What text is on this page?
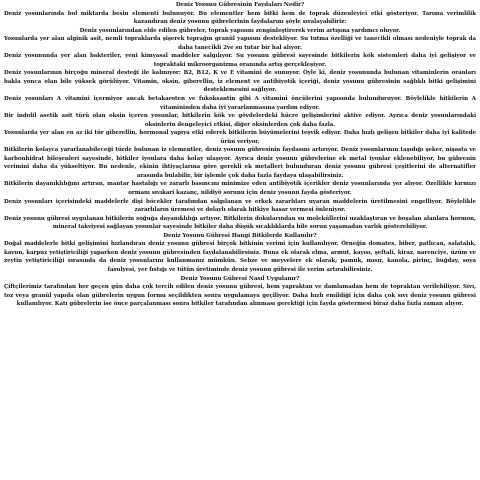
Deniz Yosunu Gübresinin Faydaları Nedir?

Deniz yosunlarında bol miktarda besin elementi bulunuyor. Bu elementler hem bitki hem de toprak düzenleyici etki gösteriyor. Tarıma verimlilik kazandıran deniz yosunu gübrelerinin faydalarını şöyle sıralayabiliriz:

Deniz yosunlarından elde edilen gübreler, toprak yapısını zenginleştirerek verim artışına yardımcı oluyor.

Yosunlarda yer alan alginik asit, nemli topraklarda şişerek toprağın granül yapısını destekliyor. Su tutma özelliği ve tanecikli olması nedeniyle toprak da daha tanecikli 2ve su tutar bir hal alıyor.

Deniz yosununda yer alan bakteriler, yeni kimyasal maddeler salgılıyor. Su yosunu gübresi sayesinde bitkilerin kök sistemleri daha iyi gelişiyor ve topraktaki mikroorganizma oranında artış gerçekleşiyor.

Deniz yosunlarının birçoğu mineral desteği ile kalınıyor: B2, B12, K ve E vitamini de sunuyor. Öyle ki, deniz yosununda bulunan vitaminlerin oranları bakla yonca olan bile yüksek görülüyor. Vitamin, oksin, giberellin, iz element ve antibiyotik içeriği, deniz yosunu gübresinin sağlıklı bitki gelişimini desteklemesini sağlıyor.

Deniz yosunları A vitamini içermiyor ancak betakaroten ve fukoksantin gibi A vitamini öncülerini yapısında bulunduruyor. Böylelikle bitkilerin A vitamininden daha iyi yararlanmasına yardım ediyor.

Bir indolil asetik asit türü olan oksin içeren yosunlar, bitkilerin kök ve gövdelerdeki hücre gelişimlerini aktive ediyor. Ayrıca deniz yosunlarındaki oksinlerin dengeleyici etkisi, diğer oksinlerden çok daha fazla.

Yosunlarda yer alan en az iki tür giberellin, hormonal yapıya etki ederek bitkilerin büyümelerini teşvik ediyor. Daha hızlı gelişen bitkiler daha iyi kalitede ürün veriyor.

Bitkilerin kolayca yararlanabileceği türde bulunan iz elementler, deniz yosunu gübresinin faydasını artırıyor. Deniz yosunlarının taşıdığı şeker, nişasta ve karbonhidrat bileşenleri sayesinde, bitkiler iyonlara daha kolay ulaşıyor. Ayrıca deniz yosunu gübrelerine ek metal iyonlar eklenebiliyor, bu gübrenin verimini daha da yükseltiyor. Bu nedenle, ekinin ihtiyaçlarına göre gerekli ek metalleri bulunduran deniz yosunu gübresi çeşitlerini de alternatifler arasında bulabilir, bir işlemle çok daha fazla faydaya ulaşabilirsiniz.

Bitkilerin dayanıklılığını artıran, mantar hastalığı ve zararlı basıncını minimize eden antibiyotik içerikler deniz yosunlarında yer alıyor. Özellikle kırmızı ormanı sıvıkari kazanç, nildiyö sorunu için deniz yosunu fayda gösteriyor.

Deniz yosunları içerisindeki maddelerle dişi böcekler tarafından salgılanan ve erkek zararlıları uyaran maddelerin üretilmesini engelliyor. Böylelikle zararlıların üremesi ve dolaylı olarak bitkiye hasar vermesi önleniyor.

Deniz yosunu gübresi uygulanan bitkilerin soğuğa dayanıklılığı artıyor. Bitkilerin dokularından su moleküllerini uzaklaştıran ve boşalan alanlara hormon, mineral takviyesi sağlayan yosunlar sayesinde bitkiler daha düşük sıcaklıklarda bile sorun yaşamadan varlık gösterebiliyor.

Deniz Yosunu Gübresi Hangi Bitkilerde Kullanılır?

Doğal maddelerle bitki gelişimini hızlandıran deniz yosunu gübresi birçok bitkinin verimi için kullanılıyor. Örneğin domates, biber, patlıcan, salatalık, kavun, karpuz yetiştiriciliği yaparken deniz yosunu gübresinden faydalanabilirsiniz. Buna ek olarak elma, armut, kayısı, şeftali, kiraz, narenciye, üzüm ve zeytin yetiştiriciliği sırasında da deniz yosunlarını kullanmanız mümkün. Sebze ve meyvelere ek olarak; pamuk, mısır, kanola, pirinç, buğday, soya fasulyesi, yer fıstığı ve tütün üretiminde deniz yosunu gübresi ile verim artırabilirsiniz.

Deniz Yosunu Gübresi Nasıl Uygulanır?

Çiftçilerimiz tarafından her geçen gün daha çok tercih edilen deniz yosunu gübresi, hem yapraktan ve damlamadan hem de topraktan verilebiliyor. Sıvı, toz veya granül yapıda olan gübrelerin uygun formu seçildikten sonra uygulamaya geçiliyor. Daha hızlı emildiği için daha çok sıvı deniz yosunu gübresi kullanılıyor. Katı gübrelerin ise önce parçalanması sonra bitkiler tarafından alınması gerektiği için fayda göstermesi biraz daha fazla zaman alıyor.
